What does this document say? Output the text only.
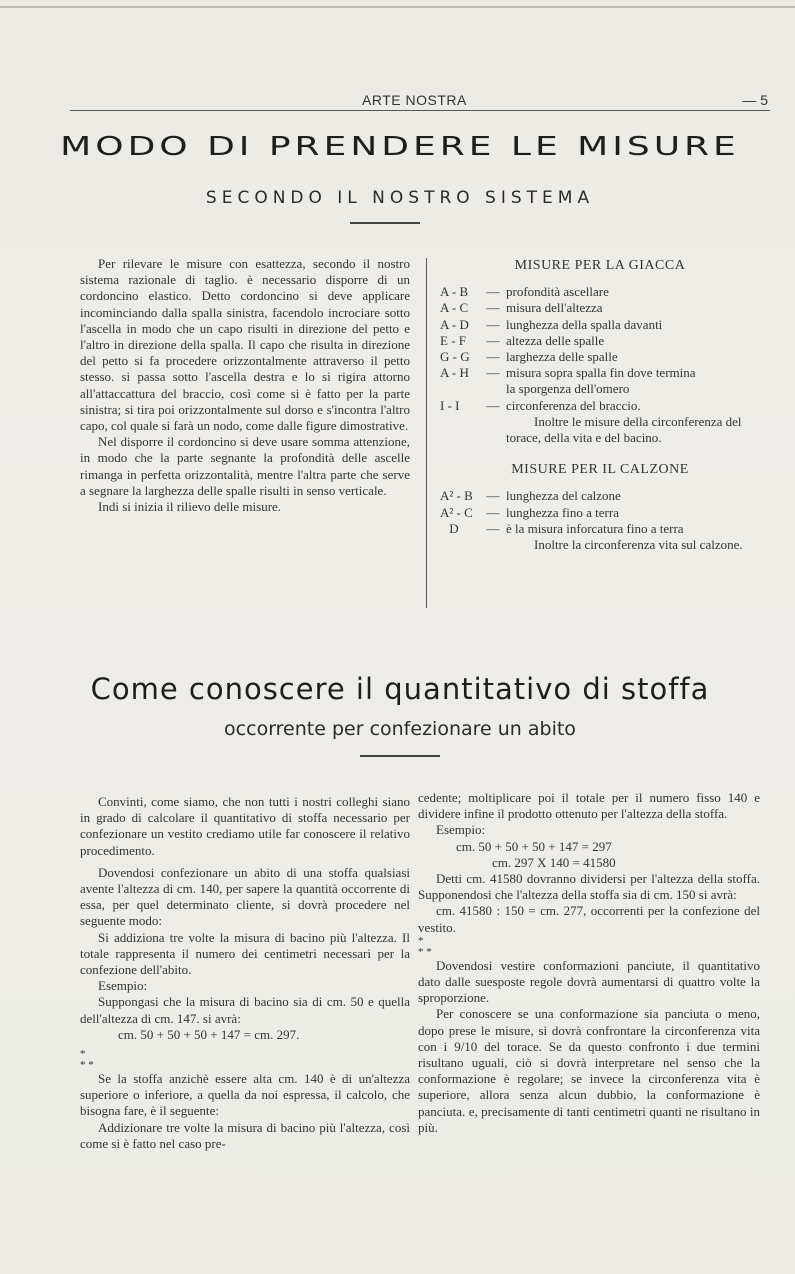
ARTE NOSTRA	— 5
MODO DI PRENDERE LE MISURE
SECONDO IL NOSTRO SISTEMA

Per rilevare le misure con esattezza, secondo il nostro sistema razionale di taglio. è necessario disporre di un cordoncino elastico. Detto cordoncino si deve applicare incominciando dalla spalla sinistra, facendolo incrociare sotto l'ascella in modo che un capo risulti in direzione del petto e l'altro in direzione della spalla. Il capo che risulta in direzione del petto si fa procedere orizzontalmente attraverso il petto stesso. si passa sotto l'ascella destra e lo si rigira attorno all'attaccattura del braccio, così come si è fatto per la parte sinistra; si tira poi orizzontalmente sul dorso e s'incontra l'altro capo, col quale si farà un nodo, come dalle figure dimostrative.

Nel disporre il cordoncino si deve usare somma attenzione, in modo che la parte segnante la profondità delle ascelle rimanga in perfetta orizzontalità, mentre l'altra parte che serve a segnare la larghezza delle spalle risulti in senso verticale.

Indi si inizia il rilievo delle misure.

MISURE PER LA GIACCA
A - B	— profondità ascellare
A - C	— misura dell'altezza
A - D	— lunghezza della spalla davanti
E - F	— altezza delle spalle
G - G	— larghezza delle spalle
A - H	— misura sopra spalla fin dove termina
la sporgenza dell'omero
I - I	— circonferenza del braccio.
Inoltre le misure della circonferenza del torace, della vita e del bacino.
MISURE PER IL CALZONE
A² - B	— lunghezza del calzone
A² - C	— lunghezza fino a terra
D	— è la misura inforcatura fino a terra
Inoltre la circonferenza vita sul calzone.
Come conoscere il quantitativo di stoffa
occorrente per confezionare un abito

Convinti, come siamo, che non tutti i nostri colleghi siano in grado di calcolare il quantitativo di stoffa necessario per confezionare un vestito crediamo utile far conoscere il relativo procedimento.

Dovendosi confezionare un abito di una stoffa qualsiasi avente l'altezza di cm. 140, per sapere la quantità occorrente di essa, per quel determinato cliente, si dovrà procedere nel seguente modo:

Si addiziona tre volte la misura di bacino più l'altezza. Il totale rappresenta il numero dei centimetri necessari per la confezione dell'abito.

Esempio:

Suppongasi che la misura di bacino sia di cm. 50 e quella dell'altezza di cm. 147. si avrà:

cm. 50 + 50 + 50 + 147 = cm. 297.

*
* *

Se la stoffa anzichè essere alta cm. 140 è di un'altezza superiore o inferiore, a quella da noi espressa, il calcolo, che bisogna fare, è il seguente:

Addizionare tre volte la misura di bacino più l'altezza, così come si è fatto nel caso pre-

cedente; moltiplicare poi il totale per il numero fisso 140 e dividere infine il prodotto ottenuto per l'altezza della stoffa.

Esempio:

cm. 50 + 50 + 50 + 147 = 297

cm. 297 X 140 = 41580

Detti cm. 41580 dovranno dividersi per l'altezza della stoffa. Supponendosi che l'altezza della stoffa sia di cm. 150 si avrà:

cm. 41580 : 150 = cm. 277, occorrenti per la confezione del vestito.

*
* *

Dovendosi vestire conformazioni panciute, il quantitativo dato dalle suesposte regole dovrà aumentarsi di quattro volte la sproporzione.

Per conoscere se una conformazione sia panciuta o meno, dopo prese le misure, si dovrà confrontare la circonferenza vita con i 9/10 del torace. Se da questo confronto i due termini risultano uguali, ciò si dovrà interpretare nel senso che la conformazione è regolare; se invece la circonferenza vita è superiore, allora senza alcun dubbio, la conformazione è panciuta. e, precisamente di tanti centimetri quanti ne risultano in più.
